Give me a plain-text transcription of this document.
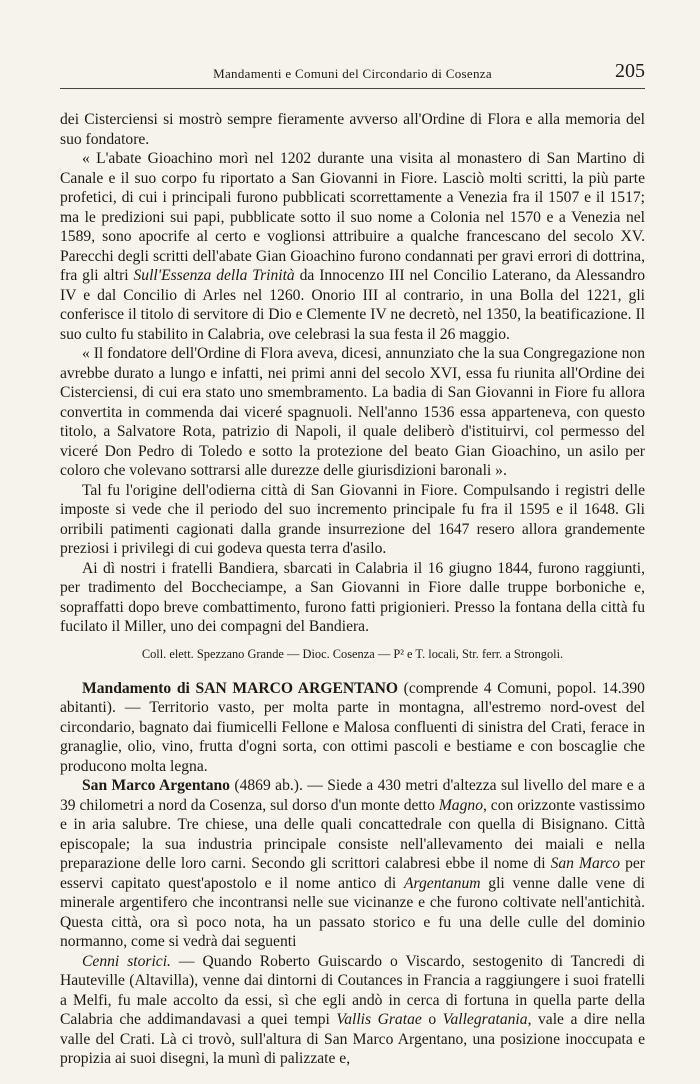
Mandamenti e Comuni del Circondario di Cosenza	205

dei Cisterciensi si mostrò sempre fieramente avverso all'Ordine di Flora e alla memoria del suo fondatore.

« L'abate Gioachino morì nel 1202 durante una visita al monastero di San Martino di Canale e il suo corpo fu riportato a San Giovanni in Fiore. Lasciò molti scritti, la più parte profetici, di cui i principali furono pubblicati scorrettamente a Venezia fra il 1507 e il 1517; ma le predizioni sui papi, pubblicate sotto il suo nome a Colonia nel 1570 e a Venezia nel 1589, sono apocrife al certo e voglionsi attribuire a qualche francescano del secolo XV. Parecchi degli scritti dell'abate Gian Gioachino furono condannati per gravi errori di dottrina, fra gli altri Sull'Essenza della Trinità da Innocenzo III nel Concilio Laterano, da Alessandro IV e dal Concilio di Arles nel 1260. Onorio III al contrario, in una Bolla del 1221, gli conferisce il titolo di servitore di Dio e Clemente IV ne decretò, nel 1350, la beatificazione. Il suo culto fu stabilito in Calabria, ove celebrasi la sua festa il 26 maggio.

« Il fondatore dell'Ordine di Flora aveva, dicesi, annunziato che la sua Congregazione non avrebbe durato a lungo e infatti, nei primi anni del secolo XVI, essa fu riunita all'Ordine dei Cisterciensi, di cui era stato uno smembramento. La badia di San Giovanni in Fiore fu allora convertita in commenda dai viceré spagnuoli. Nell'anno 1536 essa apparteneva, con questo titolo, a Salvatore Rota, patrizio di Napoli, il quale deliberò d'istituirvi, col permesso del viceré Don Pedro di Toledo e sotto la protezione del beato Gian Gioachino, un asilo per coloro che volevano sottrarsi alle durezze delle giurisdizioni baronali ».

Tal fu l'origine dell'odierna città di San Giovanni in Fiore. Compulsando i registri delle imposte si vede che il periodo del suo incremento principale fu fra il 1595 e il 1648. Gli orribili patimenti cagionati dalla grande insurrezione del 1647 resero allora grandemente preziosi i privilegi di cui godeva questa terra d'asilo.

Ai dì nostri i fratelli Bandiera, sbarcati in Calabria il 16 giugno 1844, furono raggiunti, per tradimento del Boccheciampe, a San Giovanni in Fiore dalle truppe borboniche e, sopraffatti dopo breve combattimento, furono fatti prigionieri. Presso la fontana della città fu fucilato il Miller, uno dei compagni del Bandiera.

Coll. elett. Spezzano Grande — Dioc. Cosenza — P² e T. locali, Str. ferr. a Strongoli.

Mandamento di SAN MARCO ARGENTANO (comprende 4 Comuni, popol. 14.390 abitanti). — Territorio vasto, per molta parte in montagna, all'estremo nord-ovest del circondario, bagnato dai fiumicelli Fellone e Malosa confluenti di sinistra del Crati, ferace in granaglie, olio, vino, frutta d'ogni sorta, con ottimi pascoli e bestiame e con boscaglie che producono molta legna.

San Marco Argentano (4869 ab.). — Siede a 430 metri d'altezza sul livello del mare e a 39 chilometri a nord da Cosenza, sul dorso d'un monte detto Magno, con orizzonte vastissimo e in aria salubre. Tre chiese, una delle quali concattedrale con quella di Bisignano. Città episcopale; la sua industria principale consiste nell'allevamento dei maiali e nella preparazione delle loro carni. Secondo gli scrittori calabresi ebbe il nome di San Marco per esservi capitato quest'apostolo e il nome antico di Argentanum gli venne dalle vene di minerale argentifero che incontransi nelle sue vicinanze e che furono coltivate nell'antichità. Questa città, ora sì poco nota, ha un passato storico e fu una delle culle del dominio normanno, come si vedrà dai seguenti

Cenni storici. — Quando Roberto Guiscardo o Viscardo, sestogenito di Tancredi di Hauteville (Altavilla), venne dai dintorni di Coutances in Francia a raggiungere i suoi fratelli a Melfi, fu male accolto da essi, sì che egli andò in cerca di fortuna in quella parte della Calabria che addimandavasi a quei tempi Vallis Gratae o Vallegratania, vale a dire nella valle del Crati. Là ci trovò, sull'altura di San Marco Argentano, una posizione inoccupata e propizia ai suoi disegni, la munì di palizzate e,
